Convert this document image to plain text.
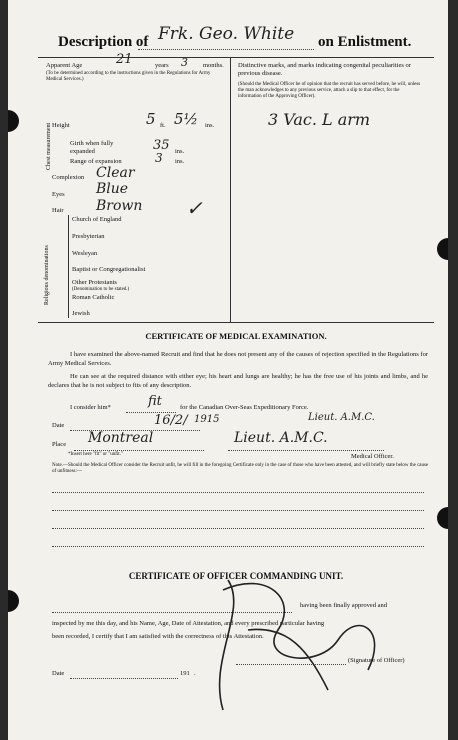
Description of Frk. Geo. White on Enlistment.
Apparent Age	21	years 3 months.
(To be determined according to the instructions given in the Regulations for Army Medical Services.)
Height	5 ft. 5½ ins.
Chest measurement	Girth when fully expanded	35 ins.
Range of expansion	3 ins.
Complexion Clear
Eyes Blue
Hair Brown
Religious denominations
Church of England	✓
Presbyterian
Wesleyan
Baptist or Congregationalist
Other Protestants
(Denomination to be stated.)
Roman Catholic
Jewish
Distinctive marks, and marks indicating congenital peculiarities or previous disease.
(Should the Medical Officer be of opinion that the recruit has served before, he will, unless the man acknowledges to any previous service, attach a slip to that effect, for the information of the Approving Officer).
3 Vac. L arm
CERTIFICATE OF MEDICAL EXAMINATION.
I have examined the above-named Recruit and find that he does not present any of the causes of rejection specified in the Regulations for Army Medical Services.
He can see at the required distance with either eye; his heart and lungs are healthy; he has the free use of his joints and limbs, and he declares that he is not subject to fits of any description.
I consider him*	fit	for the Canadian Over-Seas Expeditionary Force.
Date	16/2/ 1915	Lieut. A.M.C.
Place Montreal	Lieut. A.M.C.
Medical Officer.
*Insert here "fit" or "unfit."
Note.—Should the Medical Officer consider the Recruit unfit, he will fill in the foregoing Certificate only in the case of those who have been attested, and will briefly state below the cause of unfitness:—
CERTIFICATE OF OFFICER COMMANDING UNIT.
having been finally approved and
inspected by me this day, and his Name, Age, Date of Attestation, and every prescribed particular having
been recorded, I certify that I am satisfied with the correctness of this Attestation.
(Signature of Officer)
Date	191 .
